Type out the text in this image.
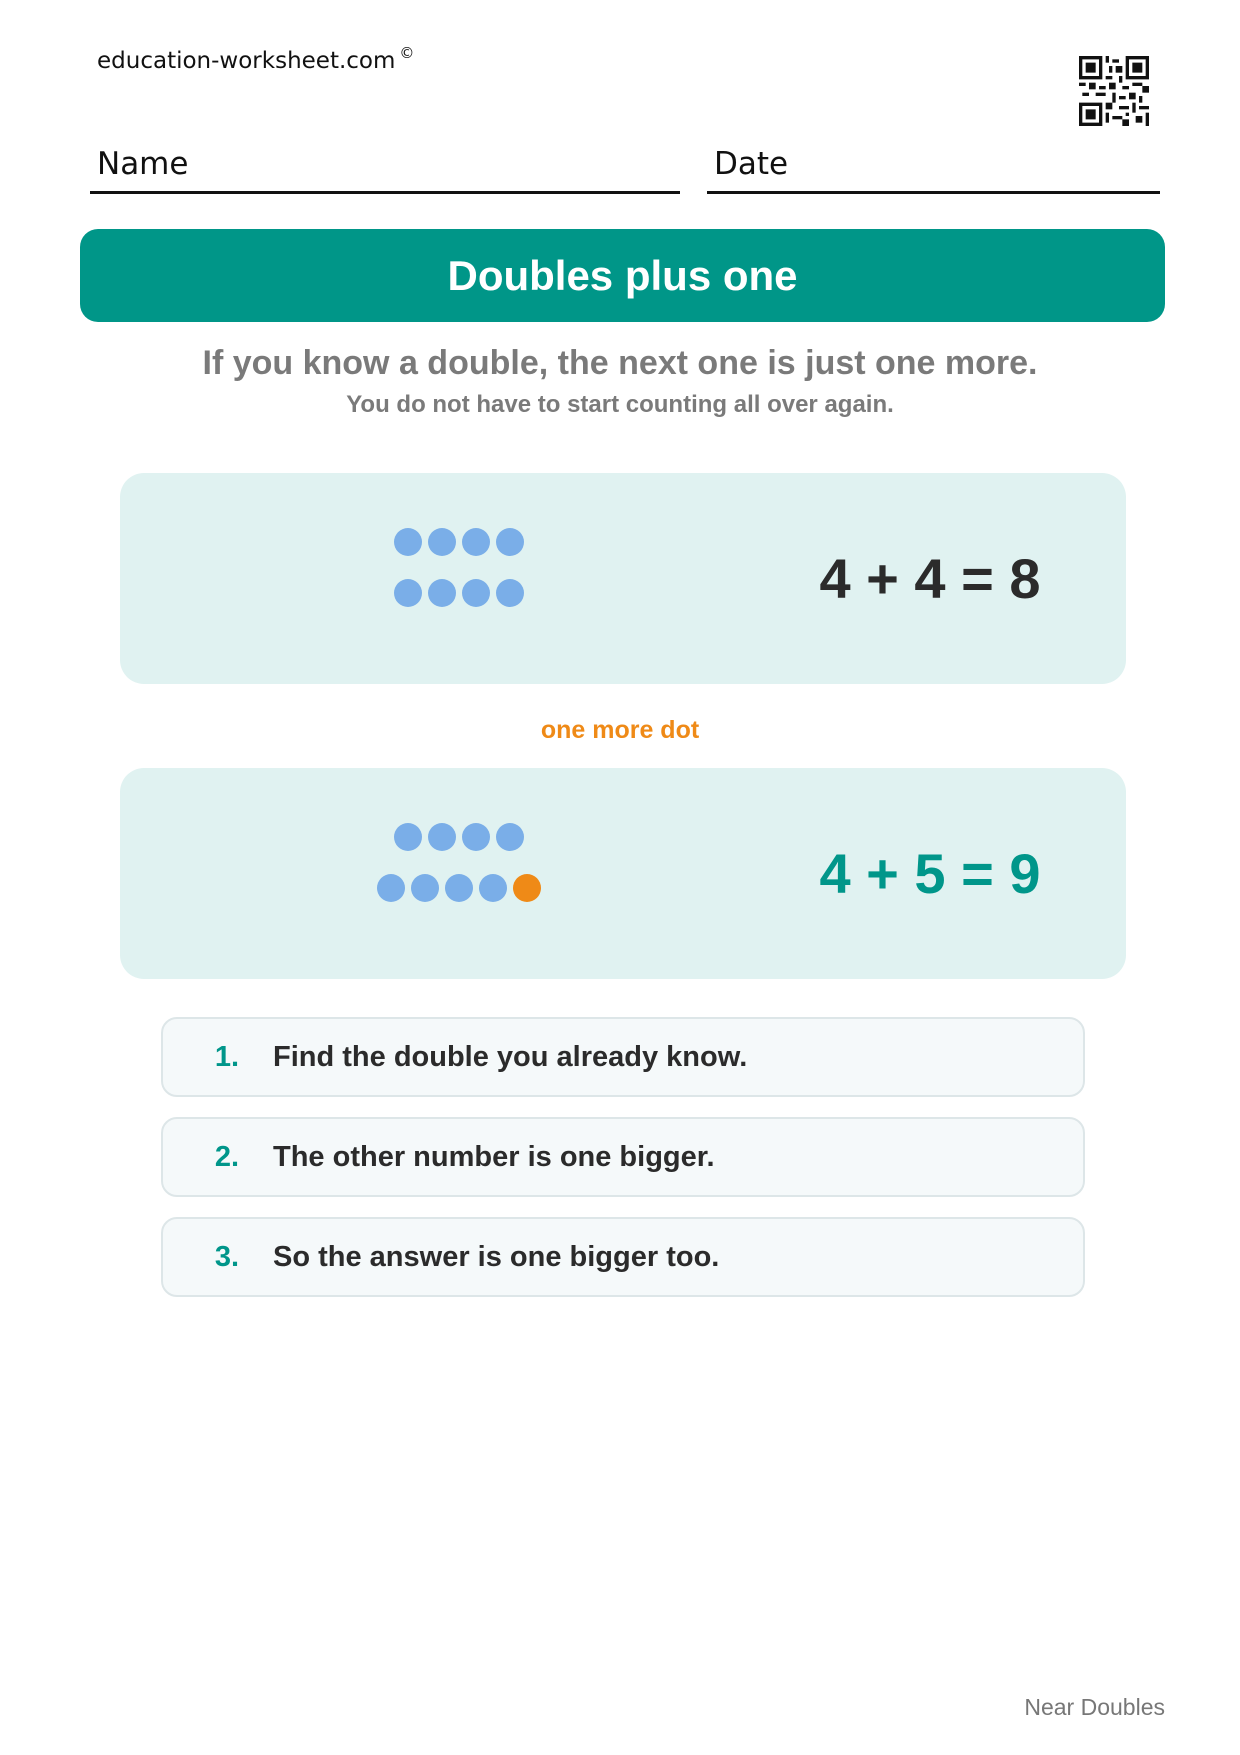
education-worksheet.com ©
Name	Date
Doubles plus one
If you know a double, the next one is just one more.
You do not have to start counting all over again.
4 + 4 = 8
one more dot
4 + 5 = 9
1.	Find the double you already know.
2.	The other number is one bigger.
3.	So the answer is one bigger too.
Near Doubles
